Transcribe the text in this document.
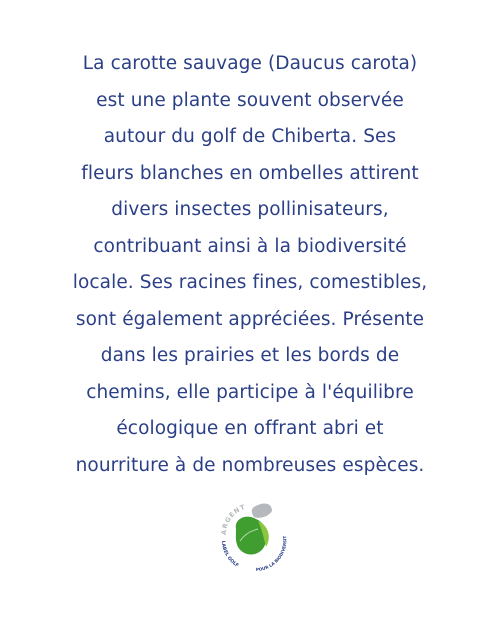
La carotte sauvage (Daucus carota)
est une plante souvent observée
autour du golf de Chiberta. Ses
fleurs blanches en ombelles attirent
divers insectes pollinisateurs,
contribuant ainsi à la biodiversité
locale. Ses racines fines, comestibles,
sont également appréciées. Présente
dans les prairies et les bords de
chemins, elle participe à l'équilibre
écologique en offrant abri et
nourriture à de nombreuses espèces.
ARGENT
LABEL GOLF
POUR LA BIODIVERSIT
